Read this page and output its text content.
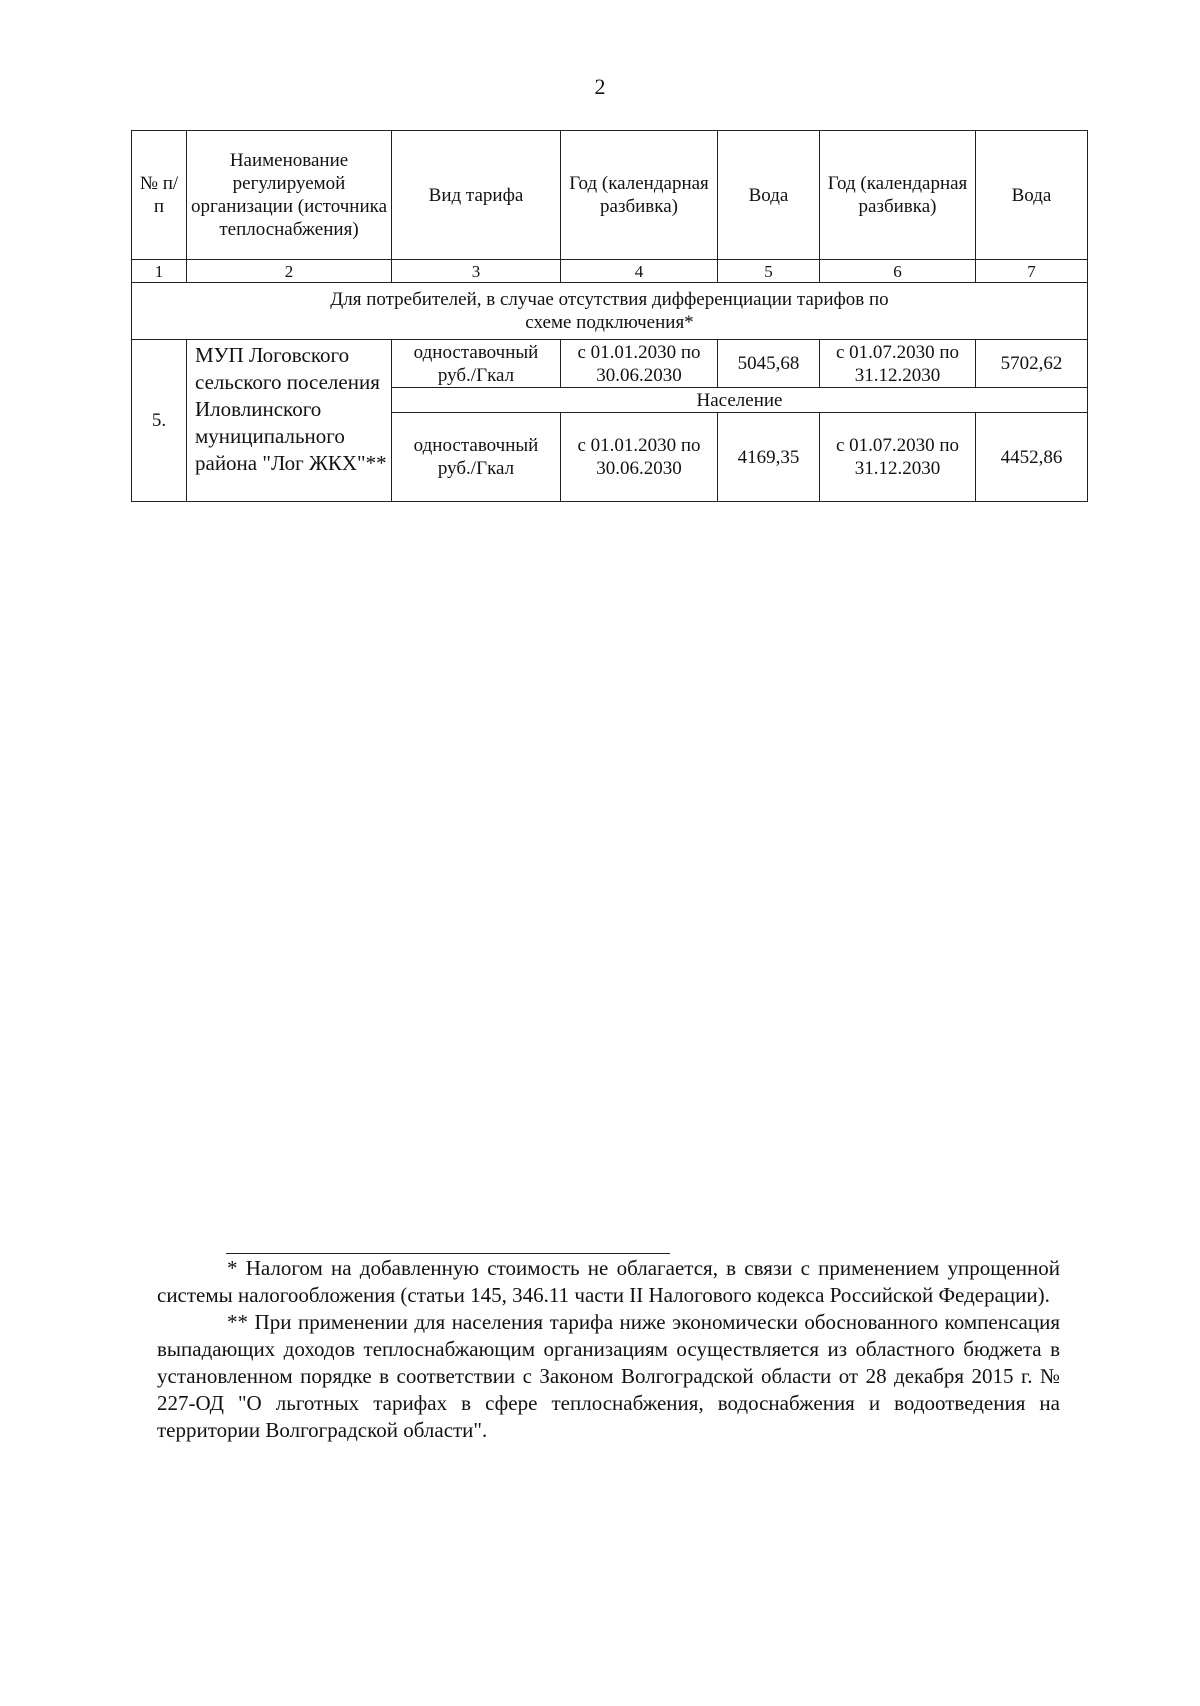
2
№ п/п	Наименование регулируемой организации (источника теплоснабжения)	Вид тарифа	Год (календарная разбивка)	Вода	Год (календарная разбивка)	Вода
1	2	3	4	5	6	7
Для потребителей, в случае отсутствия дифференциации тарифов по схеме подключения*						
5.	МУП Логовского сельского поселения Иловлинского муниципального района "Лог ЖКХ"**	одноставочный руб./Гкал	с 01.01.2030 по 30.06.2030	5045,68	с 01.07.2030 по 31.12.2030	5702,62
		Население				
		одноставочный руб./Гкал	с 01.01.2030 по 30.06.2030	4169,35	с 01.07.2030 по 31.12.2030	4452,86

* Налогом на добавленную стоимость не облагается, в связи с применением упрощенной системы налогообложения (статьи 145, 346.11 части II Налогового кодекса Российской Федерации).

** При применении для населения тарифа ниже экономически обоснованного компенсация выпадающих доходов теплоснабжающим организациям осуществляется из областного бюджета в установленном порядке в соответствии с Законом Волгоградской области от 28 декабря 2015 г. № 227-ОД "О льготных тарифах в сфере теплоснабжения, водоснабжения и водоотведения на территории Волгоградской области".
